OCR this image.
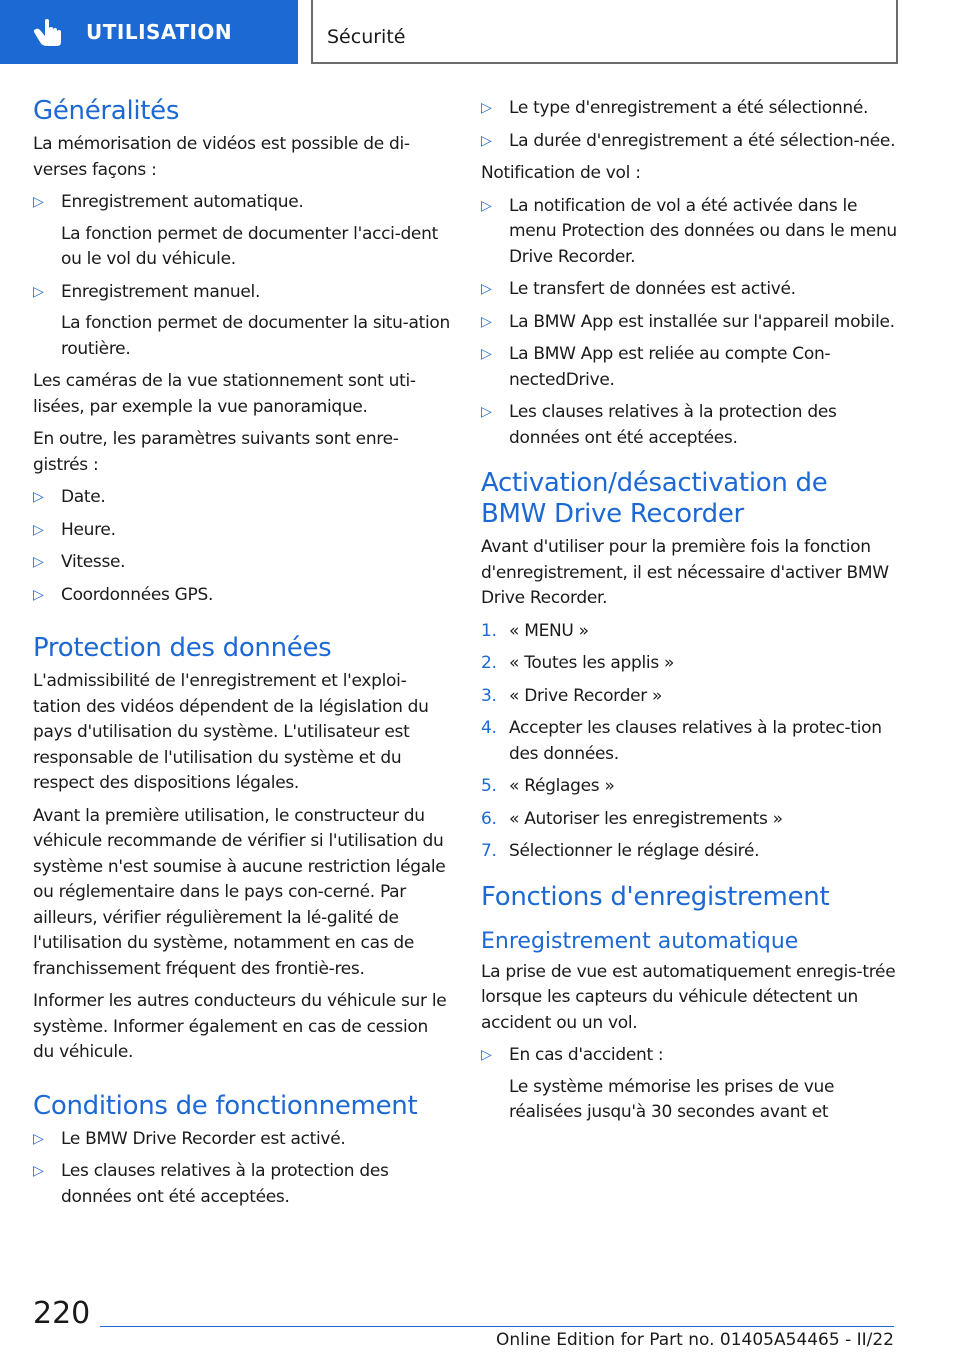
UTILISATION	Sécurité
Généralités

La mémorisation de vidéos est possible de di-verses façons :

▷ Enregistrement automatique.

La fonction permet de documenter l'acci-dent ou le vol du véhicule.

▷ Enregistrement manuel.

La fonction permet de documenter la situ-ation routière.

Les caméras de la vue stationnement sont uti-lisées, par exemple la vue panoramique.

En outre, les paramètres suivants sont enre-gistrés :

▷ Date.
▷ Heure.
▷ Vitesse.
▷ Coordonnées GPS.
Protection des données

L'admissibilité de l'enregistrement et l'exploi-tation des vidéos dépendent de la législation du pays d'utilisation du système. L'utilisateur est responsable de l'utilisation du système et du respect des dispositions légales.

Avant la première utilisation, le constructeur du véhicule recommande de vérifier si l'utilisation du système n'est soumise à aucune restriction légale ou réglementaire dans le pays con-cerné. Par ailleurs, vérifier régulièrement la lé-galité de l'utilisation du système, notamment en cas de franchissement fréquent des frontiè-res.

Informer les autres conducteurs du véhicule sur le système. Informer également en cas de cession du véhicule.

Conditions de fonctionnement
▷ Le BMW Drive Recorder est activé.
▷ Les clauses relatives à la protection des données ont été acceptées.
▷ Le type d'enregistrement a été sélectionné.
▷ La durée d'enregistrement a été sélection-née.

Notification de vol :

▷ La notification de vol a été activée dans le menu Protection des données ou dans le menu Drive Recorder.
▷ Le transfert de données est activé.
▷ La BMW App est installée sur l'appareil mobile.
▷ La BMW App est reliée au compte Con-nectedDrive.
▷ Les clauses relatives à la protection des données ont été acceptées.
Activation/désactivation de
BMW Drive Recorder

Avant d'utiliser pour la première fois la fonction d'enregistrement, il est nécessaire d'activer BMW Drive Recorder.

1. « MENU »
2. « Toutes les applis »
3. « Drive Recorder »
4. Accepter les clauses relatives à la protec-tion des données.
5. « Réglages »
6. « Autoriser les enregistrements »
7. Sélectionner le réglage désiré.
Fonctions d'enregistrement
Enregistrement automatique

La prise de vue est automatiquement enregis-trée lorsque les capteurs du véhicule détectent un accident ou un vol.

▷ En cas d'accident :

Le système mémorise les prises de vue réalisées jusqu'à 30 secondes avant et

220
Online Edition for Part no. 01405A54465 - II/22
